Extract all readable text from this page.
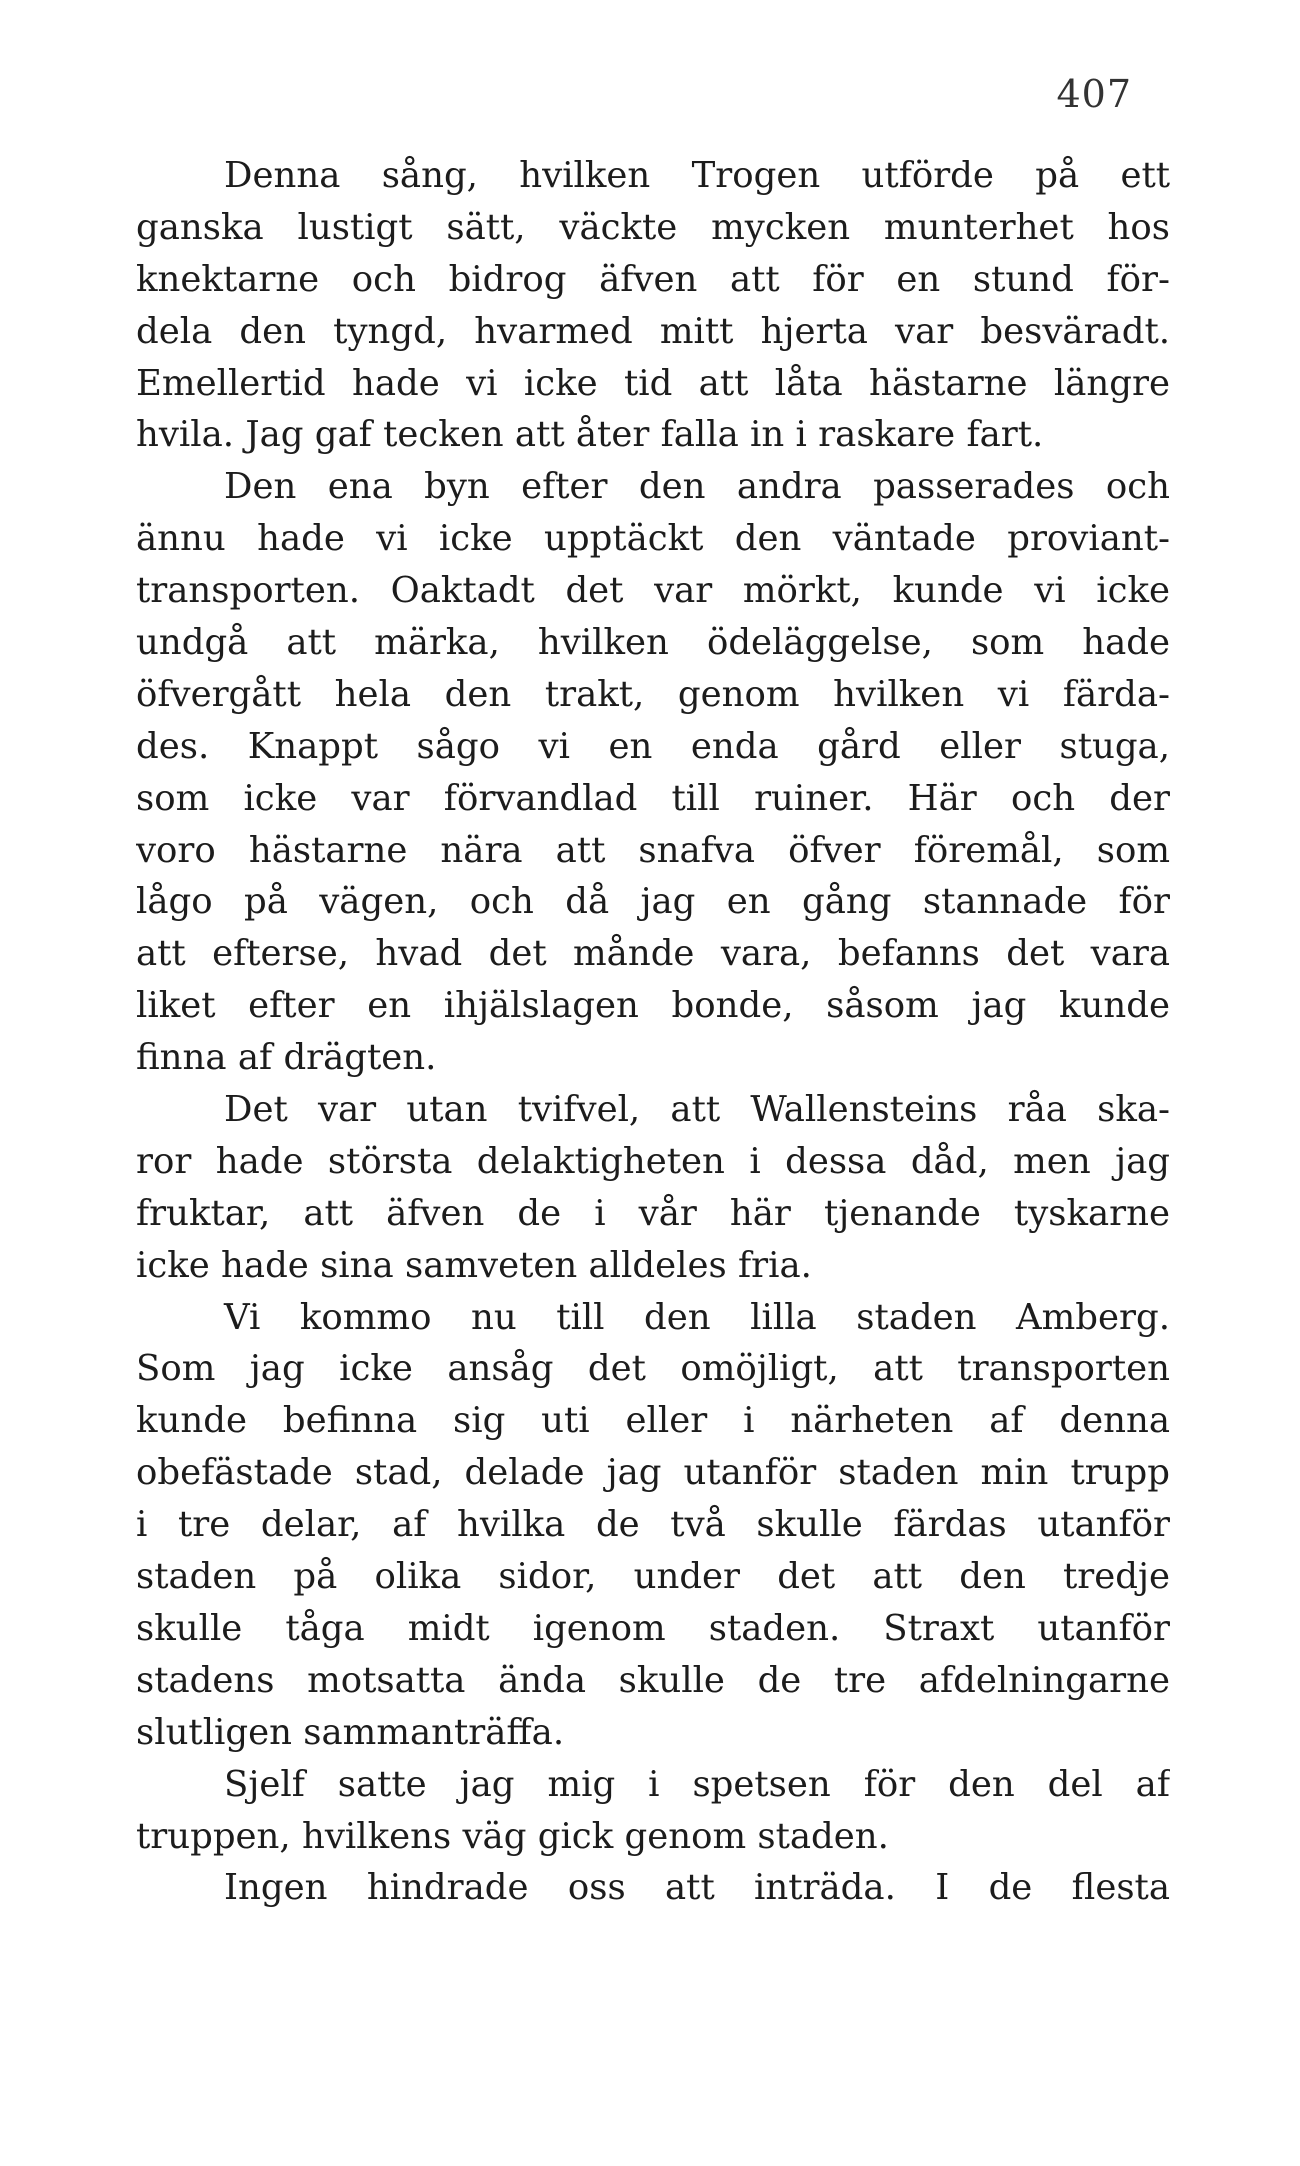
407
Denna sång, hvilken Trogen utförde på ett
ganska lustigt sätt, väckte mycken munterhet hos
knektarne och bidrog äfven att för en stund för-
dela den tyngd, hvarmed mitt hjerta var besväradt.
Emellertid hade vi icke tid att låta hästarne längre
hvila. Jag gaf tecken att åter falla in i raskare fart.
Den ena byn efter den andra passerades och
ännu hade vi icke upptäckt den väntade proviant-
transporten. Oaktadt det var mörkt, kunde vi icke
undgå att märka, hvilken ödeläggelse, som hade
öfvergått hela den trakt, genom hvilken vi färda-
des. Knappt sågo vi en enda gård eller stuga,
som icke var förvandlad till ruiner. Här och der
voro hästarne nära att snafva öfver föremål, som
lågo på vägen, och då jag en gång stannade för
att efterse, hvad det månde vara, befanns det vara
liket efter en ihjälslagen bonde, såsom jag kunde
finna af drägten.
Det var utan tvifvel, att Wallensteins råa ska-
ror hade största delaktigheten i dessa dåd, men jag
fruktar, att äfven de i vår här tjenande tyskarne
icke hade sina samveten alldeles fria.
Vi kommo nu till den lilla staden Amberg.
Som jag icke ansåg det omöjligt, att transporten
kunde befinna sig uti eller i närheten af denna
obefästade stad, delade jag utanför staden min trupp
i tre delar, af hvilka de två skulle färdas utanför
staden på olika sidor, under det att den tredje
skulle tåga midt igenom staden. Straxt utanför
stadens motsatta ända skulle de tre afdelningarne
slutligen sammanträffa.
Sjelf satte jag mig i spetsen för den del af
truppen, hvilkens väg gick genom staden.
Ingen hindrade oss att inträda. I de flesta
